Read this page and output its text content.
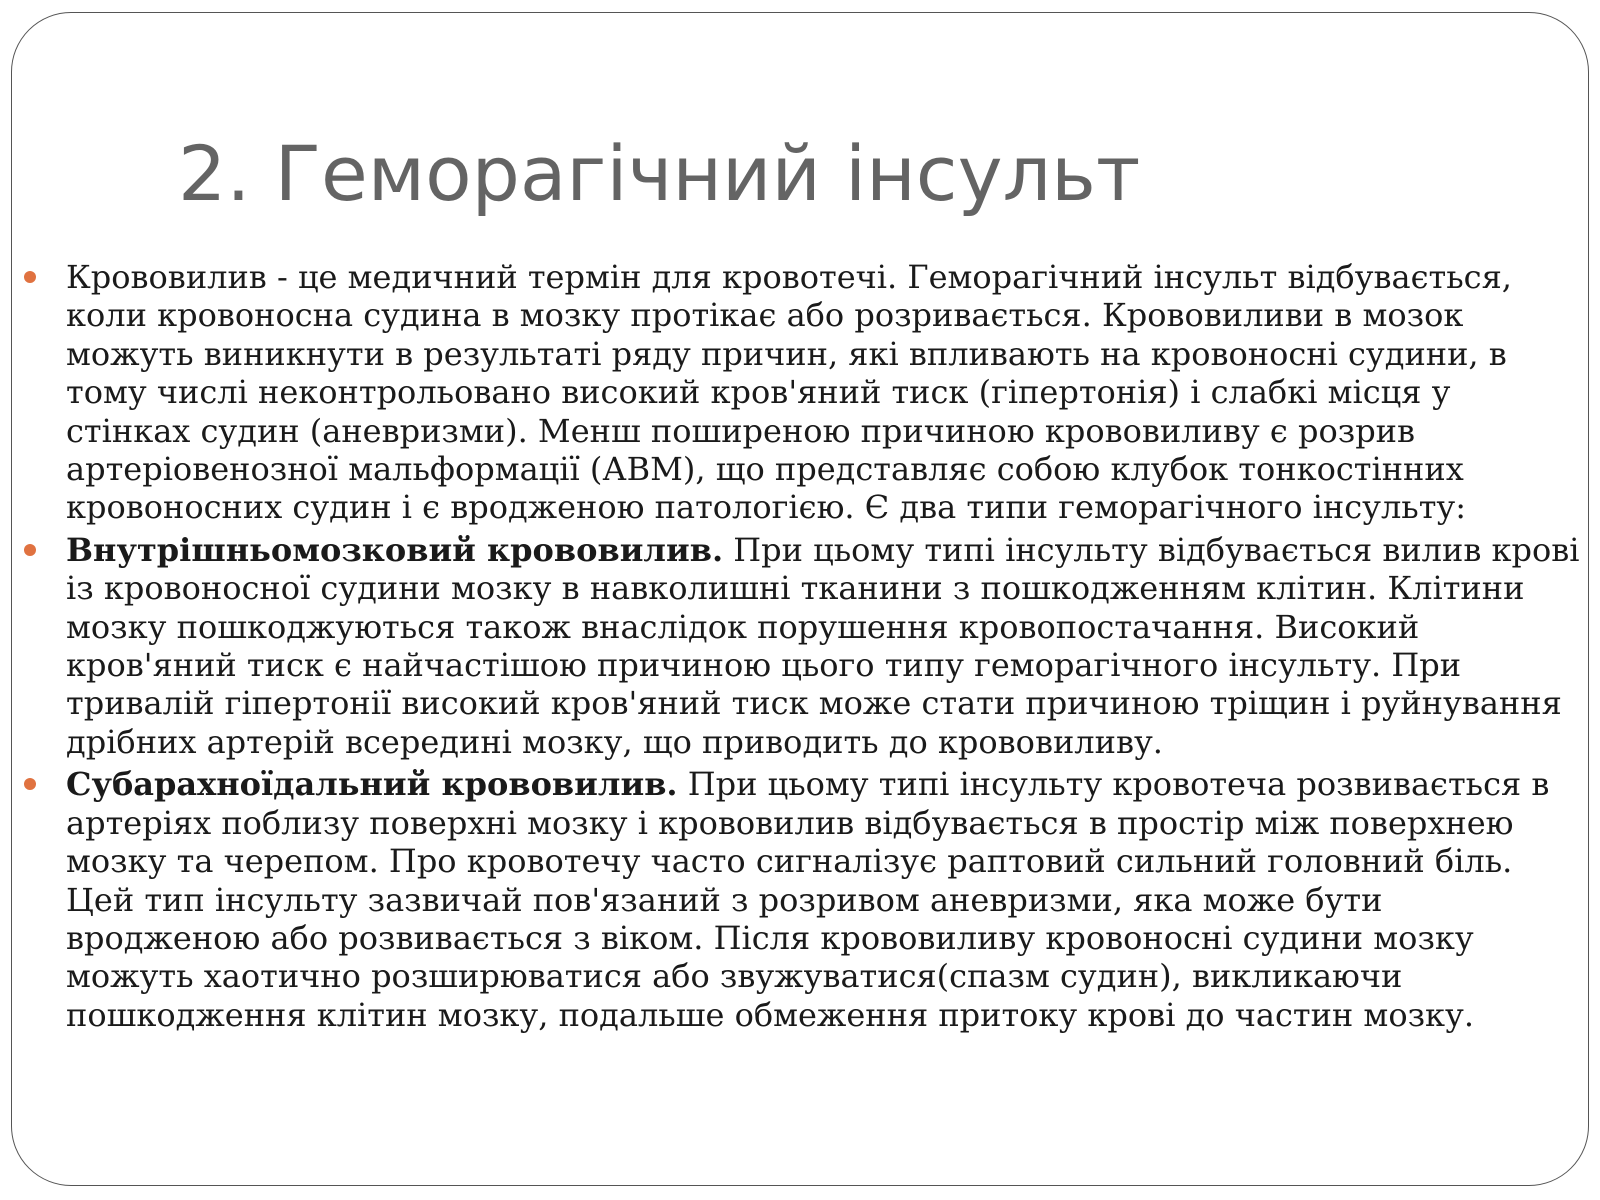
2. Геморагічний інсульт
Крововилив - це медичний термін для кровотечі. Геморагічний інсульт відбувається, коли кровоносна судина в мозку протікає або розривається. Крововиливи в мозок можуть виникнути в результаті ряду причин, які впливають на кровоносні судини, в тому числі неконтрольовано високий кров'яний тиск (гіпертонія) і слабкі місця у стінках судин (аневризми). Менш поширеною причиною крововиливу є розрив артеріовенозної мальформації (АВМ), що представляє собою клубок тонкостінних кровоносних судин і є вродженою патологією. Є два типи геморагічного інсульту:
Внутрішньомозковий крововилив. При цьому типі інсульту відбувається вилив крові із кровоносної судини мозку в навколишні тканини з пошкодженням клітин. Клітини мозку пошкоджуються також внаслідок порушення кровопостачання. Високий кров'яний тиск є найчастішою причиною цього типу геморагічного інсульту. При тривалій гіпертонії високий кров'яний тиск може стати причиною тріщин і руйнування дрібних артерій всередині мозку, що приводить до крововиливу.
Субарахноїдальний крововилив. При цьому типі інсульту кровотеча розвивається в артеріях поблизу поверхні мозку і крововилив відбувається в простір між поверхнею мозку та черепом. Про кровотечу часто сигналізує раптовий сильний головний біль. Цей тип інсульту зазвичай пов'язаний з розривом аневризми, яка може бути вродженою або розвивається з віком. Після крововиливу кровоносні судини мозку можуть хаотично розширюватися або звужуватися(спазм судин), викликаючи пошкодження клітин мозку, подальше обмеження притоку крові до частин мозку.
